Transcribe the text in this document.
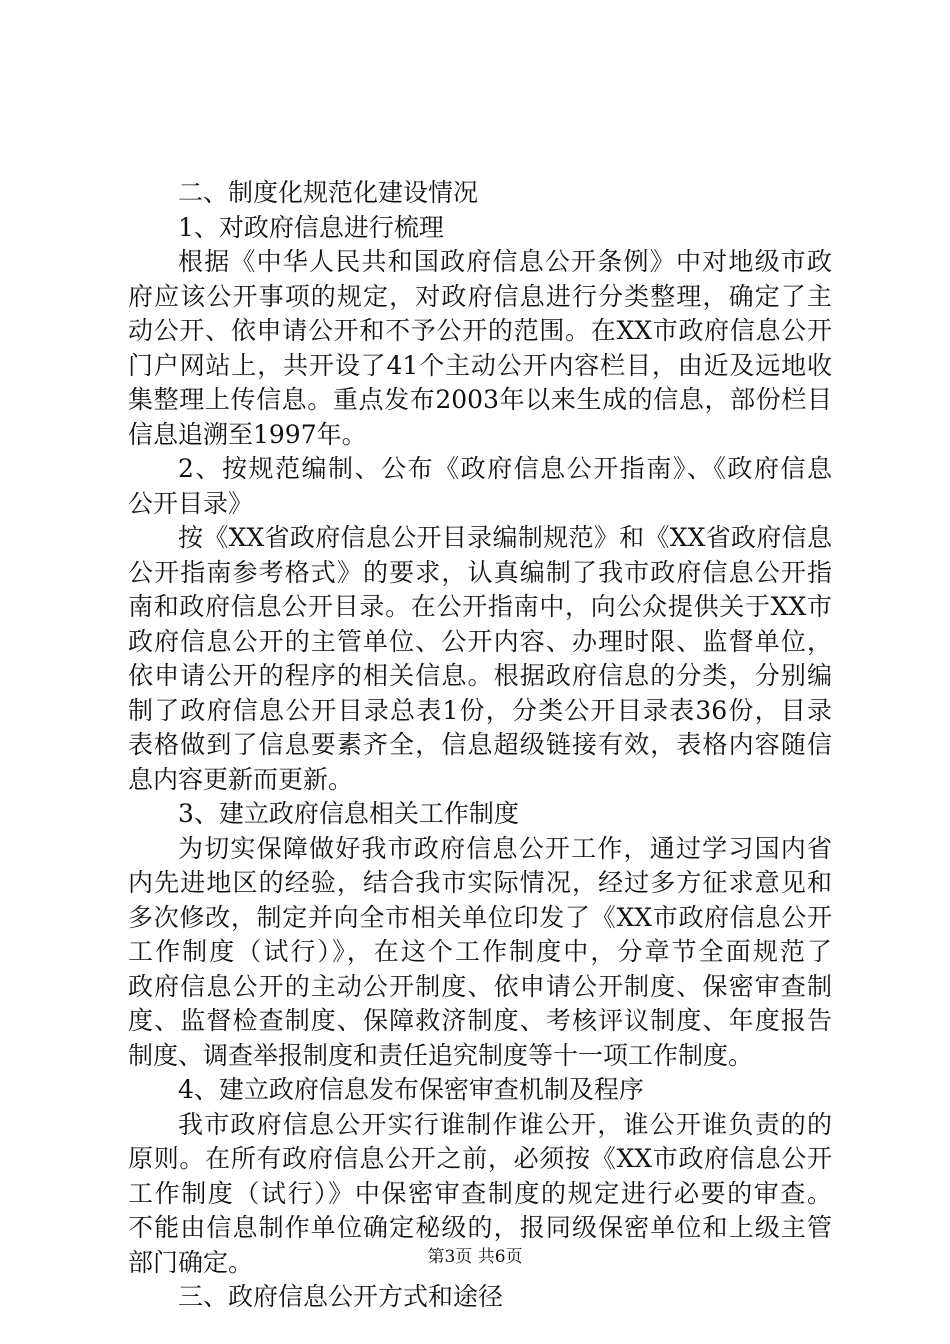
二、制度化规范化建设情况
1、对政府信息进行梳理
根据《中华人民共和国政府信息公开条例》中对地级市政
府应该公开事项的规定，对政府信息进行分类整理，确定了主
动公开、依申请公开和不予公开的范围。在XX市政府信息公开
门户网站上，共开设了41个主动公开内容栏目，由近及远地收
集整理上传信息。重点发布2003年以来生成的信息，部份栏目
信息追溯至1997年。
2、按规范编制、公布《政府信息公开指南》、《政府信息
公开目录》
按《XX省政府信息公开目录编制规范》和《XX省政府信息
公开指南参考格式》的要求，认真编制了我市政府信息公开指
南和政府信息公开目录。在公开指南中，向公众提供关于XX市
政府信息公开的主管单位、公开内容、办理时限、监督单位，
依申请公开的程序的相关信息。根据政府信息的分类，分别编
制了政府信息公开目录总表1份，分类公开目录表36份，目录
表格做到了信息要素齐全，信息超级链接有效，表格内容随信
息内容更新而更新。
3、建立政府信息相关工作制度
为切实保障做好我市政府信息公开工作，通过学习国内省
内先进地区的经验，结合我市实际情况，经过多方征求意见和
多次修改，制定并向全市相关单位印发了《XX市政府信息公开
工作制度（试行）》，在这个工作制度中，分章节全面规范了
政府信息公开的主动公开制度、依申请公开制度、保密审查制
度、监督检查制度、保障救济制度、考核评议制度、年度报告
制度、调查举报制度和责任追究制度等十一项工作制度。
4、建立政府信息发布保密审查机制及程序
我市政府信息公开实行谁制作谁公开，谁公开谁负责的的
原则。在所有政府信息公开之前，必须按《XX市政府信息公开
工作制度（试行）》中保密审查制度的规定进行必要的审查。
不能由信息制作单位确定秘级的，报同级保密单位和上级主管
部门确定。
三、政府信息公开方式和途径
第3页 共6页
